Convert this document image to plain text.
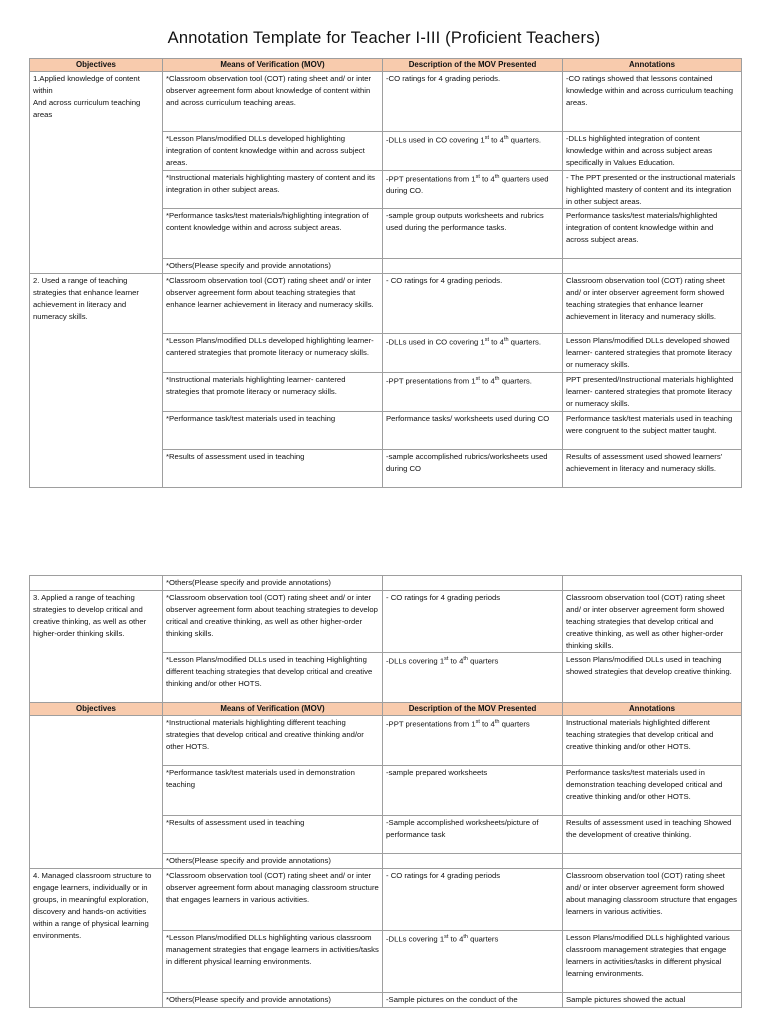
Annotation Template for Teacher I-III (Proficient Teachers)
Objectives	Means of Verification (MOV)	Description of the MOV Presented	Annotations
1.Applied knowledge of content within
And across curriculum teaching areas	*Classroom observation tool (COT) rating sheet and/ or inter observer agreement form about knowledge of content within and across curriculum teaching areas.	-CO ratings for 4 grading periods.	-CO ratings showed that lessons contained knowledge within and across curriculum teaching areas.
	*Lesson Plans/modified DLLs developed highlighting integration of content knowledge within and across subject areas.	-DLLs used in CO covering 1st to 4th quarters.	-DLLs highlighted integration of content knowledge within and across subject areas specifically in Values Education.
	*Instructional materials highlighting mastery of content and its integration in other subject areas.	-PPT presentations from 1st to 4th quarters used during CO.	- The PPT presented or the instructional materials highlighted mastery of content and its integration in other subject areas.
	*Performance tasks/test materials/highlighting integration of content knowledge within and across subject areas.	-sample group outputs worksheets and rubrics used during the performance tasks.	Performance tasks/test materials/highlighted integration of content knowledge within and across subject areas.
	*Others(Please specify and provide annotations)		
2. Used a range of teaching strategies that enhance learner achievement in literacy and numeracy skills.	*Classroom observation tool (COT) rating sheet and/ or inter observer agreement form about teaching strategies that enhance learner achievement in literacy and numeracy skills.	- CO ratings for 4 grading periods.	Classroom observation tool (COT) rating sheet and/ or inter observer agreement form showed teaching strategies that enhance learner achievement in literacy and numeracy skills.
	*Lesson Plans/modified DLLs developed highlighting learner- cantered strategies that promote literacy or numeracy skills.	-DLLs used in CO covering 1st to 4th quarters.	Lesson Plans/modified DLLs developed showed learner- cantered strategies that promote literacy or numeracy skills.
	*Instructional materials highlighting learner- cantered strategies that promote literacy or numeracy skills.	-PPT presentations from 1st to 4th quarters.	PPT presented/Instructional materials highlighted learner- cantered strategies that promote literacy or numeracy skills.
	*Performance task/test materials used in teaching	Performance tasks/ worksheets used during CO	Performance task/test materials used in teaching were congruent to the subject matter taught.
	*Results of assessment used in teaching	-sample accomplished rubrics/worksheets used during CO	Results of assessment used showed learners' achievement in literacy and numeracy skills.
	*Others(Please specify and provide annotations)		
3. Applied a range of teaching strategies to develop critical and creative thinking, as well as other higher-order thinking skills.	*Classroom observation tool (COT) rating sheet and/ or inter observer agreement form about teaching strategies to develop critical and creative thinking, as well as other higher-order thinking skills.	- CO ratings for 4 grading periods	Classroom observation tool (COT) rating sheet and/ or inter observer agreement form showed teaching strategies that develop critical and creative thinking, as well as other higher-order thinking skills.
	*Lesson Plans/modified DLLs used in teaching Highlighting different teaching strategies that develop critical and creative thinking and/or other HOTS.	-DLLs covering 1st to 4th quarters	Lesson Plans/modified DLLs used in teaching showed strategies that develop creative thinking.
Objectives	Means of Verification (MOV)	Description of the MOV Presented	Annotations
	*Instructional materials highlighting different teaching strategies that develop critical and creative thinking and/or other HOTS.	-PPT presentations from 1st to 4th quarters	Instructional materials highlighted different teaching strategies that develop critical and creative thinking and/or other HOTS.
	*Performance task/test materials used in demonstration teaching	-sample prepared worksheets	Performance tasks/test materials used in demonstration teaching developed critical and creative thinking and/or other HOTS.
	*Results of assessment used in teaching	-Sample accomplished worksheets/picture of performance task	Results of assessment used in teaching Showed the development of creative thinking.
	*Others(Please specify and provide annotations)		
4. Managed classroom structure to engage learners, individually or in groups, in meaningful exploration, discovery and hands-on activities within a range of physical learning environments.	*Classroom observation tool (COT) rating sheet and/ or inter observer agreement form about managing classroom structure that engages learners in various activities.	- CO ratings for 4 grading periods	Classroom observation tool (COT) rating sheet and/ or inter observer agreement form showed about managing classroom structure that engages learners in various activities.
	*Lesson Plans/modified DLLs highlighting various classroom management strategies that engage learners in activities/tasks in different physical learning environments.	-DLLs covering 1st to 4th quarters	Lesson Plans/modified DLLs highlighted various classroom management strategies that engage learners in activities/tasks in different physical learning environments.
	*Others(Please specify and provide annotations)	-Sample pictures on the conduct of the	Sample pictures showed the actual
